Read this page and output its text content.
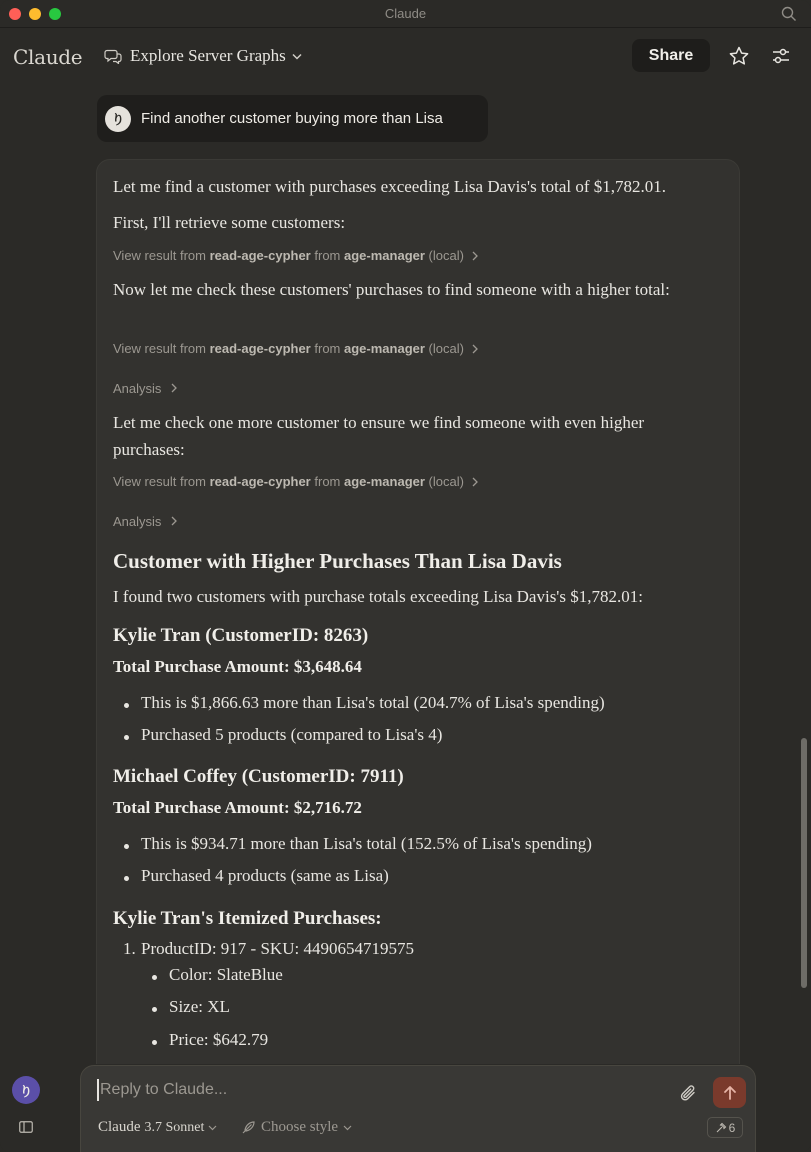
Claude
Claude	Explore Server Graphs	Share
り	Find another customer buying more than Lisa
Let me find a customer with purchases exceeding Lisa Davis's total of $1,782.01.
First, I'll retrieve some customers:
View result from
read-age-cypher
from
age-manager
(local)
Now let me check these customers' purchases to find someone with a higher total:
View result from
read-age-cypher
from
age-manager
(local)
Analysis
Let me check one more customer to ensure we find someone with even higher purchases:
View result from
read-age-cypher
from
age-manager
(local)
Analysis
Customer with Higher Purchases Than Lisa Davis
I found two customers with purchase totals exceeding Lisa Davis's $1,782.01:
Kylie Tran (CustomerID: 8263)
Total Purchase Amount: $3,648.64
This is $1,866.63 more than Lisa's total (204.7% of Lisa's spending)
Purchased 5 products (compared to Lisa's 4)
Michael Coffey (CustomerID: 7911)
Total Purchase Amount: $2,716.72
This is $934.71 more than Lisa's total (152.5% of Lisa's spending)
Purchased 4 products (same as Lisa)
Kylie Tran's Itemized Purchases:
1. ProductID: 917 - SKU: 4490654719575
Color: SlateBlue
Size: XL
Price: $642.79
り
Reply to Claude...
Claude 3.7 Sonnet	Choose style	6
